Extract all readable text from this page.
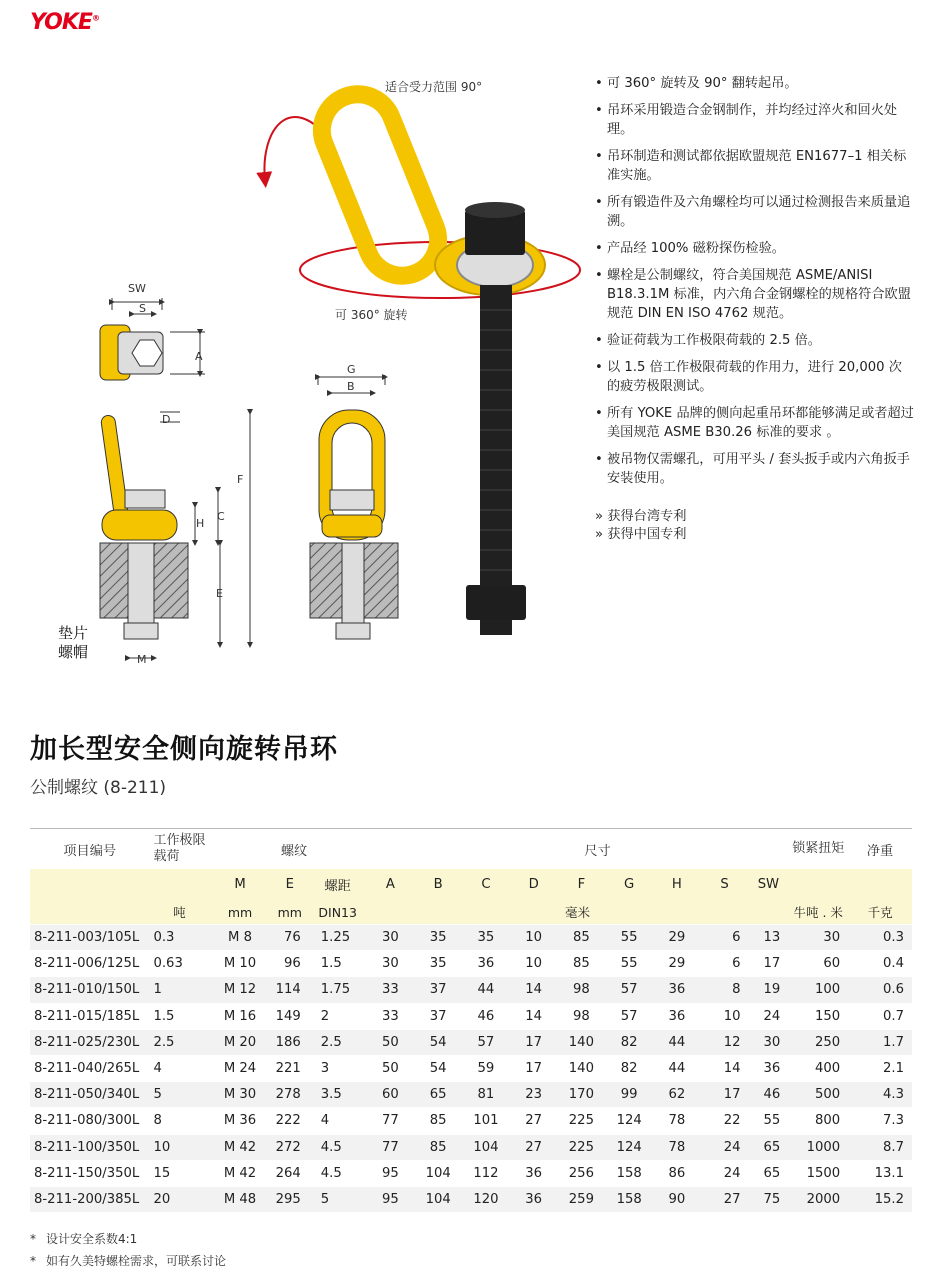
YOKE®
适合受力范围 90°
可 360° 旋转
SW
S
A
D
F
C
H
E
G
B
M
垫片
螺帽
• 可 360° 旋转及 90° 翻转起吊。
• 吊环采用锻造合金钢制作，并均经过淬火和回火处理。
• 吊环制造和测试都依据欧盟规范 EN1677–1 相关标准实施。
• 所有锻造件及六角螺栓均可以通过检测报告来质量追溯。
• 产品经 100% 磁粉探伤检验。
• 螺栓是公制螺纹，符合美国规范 ASME/ANISI B18.3.1M 标准，内六角合金钢螺栓的规格符合欧盟规范 DIN EN ISO 4762 规范。
• 验证荷载为工作极限荷载的 2.5 倍。
• 以 1.5 倍工作极限荷载的作用力，进行 20,000 次的疲劳极限测试。
• 所有 YOKE 品牌的侧向起重吊环都能够满足或者超过美国规范 ASME B30.26 标准的要求 。
• 被吊物仅需螺孔，可用平头 / 套头扳手或内六角扳手安装使用。
» 获得台湾专利
» 获得中国专利
加长型安全侧向旋转吊环
公制螺纹 (8-211)
项目编号	工作极限载荷		螺纹		尺寸									锁紧扭矩	净重
		M	E	螺距	A	B	C	D	F	G	H	S	SW		
	吨	mm	mm	DIN13	毫米									牛吨 . 米	千克
8-211-003/105L	0.3	M 8	76	1.25	30	35	35	10	85	55	29	6	13	30	0.3
8-211-006/125L	0.63	M 10	96	1.5	30	35	36	10	85	55	29	6	17	60	0.4
8-211-010/150L	1	M 12	114	1.75	33	37	44	14	98	57	36	8	19	100	0.6
8-211-015/185L	1.5	M 16	149	2	33	37	46	14	98	57	36	10	24	150	0.7
8-211-025/230L	2.5	M 20	186	2.5	50	54	57	17	140	82	44	12	30	250	1.7
8-211-040/265L	4	M 24	221	3	50	54	59	17	140	82	44	14	36	400	2.1
8-211-050/340L	5	M 30	278	3.5	60	65	81	23	170	99	62	17	46	500	4.3
8-211-080/300L	8	M 36	222	4	77	85	101	27	225	124	78	22	55	800	7.3
8-211-100/350L	10	M 42	272	4.5	77	85	104	27	225	124	78	24	65	1000	8.7
8-211-150/350L	15	M 42	264	4.5	95	104	112	36	256	158	86	24	65	1500	13.1
8-211-200/385L	20	M 48	295	5	95	104	120	36	259	158	90	27	75	2000	15.2
* 设计安全系数4:1
* 如有久美特螺栓需求，可联系讨论
